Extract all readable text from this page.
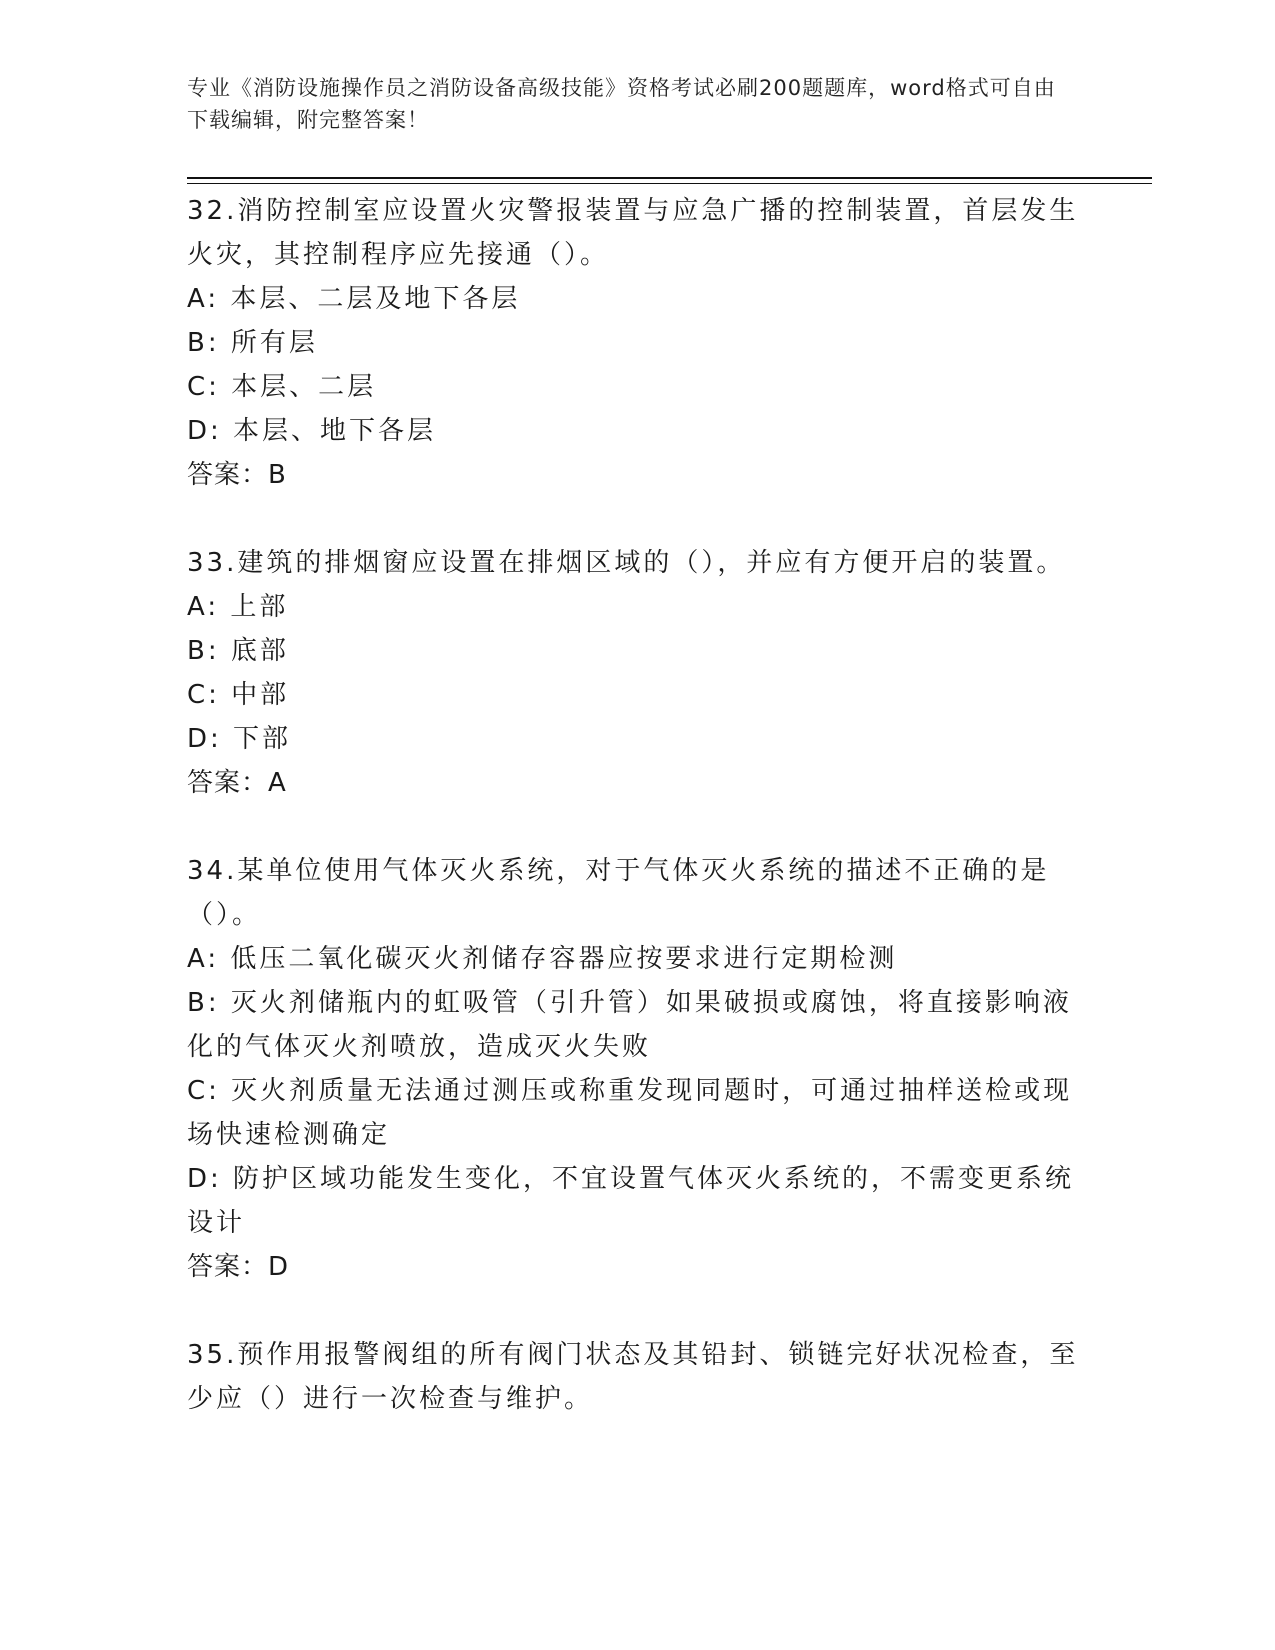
专业《消防设施操作员之消防设备高级技能》资格考试必刷200题题库，word格式可自由下载编辑，附完整答案！
32.消防控制室应设置火灾警报装置与应急广播的控制装置，首层发生火灾，其控制程序应先接通（）。
A: 本层、二层及地下各层
B: 所有层
C: 本层、二层
D: 本层、地下各层
答案：B
33.建筑的排烟窗应设置在排烟区域的（），并应有方便开启的装置。
A: 上部
B: 底部
C: 中部
D: 下部
答案：A
34.某单位使用气体灭火系统，对于气体灭火系统的描述不正确的是（）。
A: 低压二氧化碳灭火剂储存容器应按要求进行定期检测
B: 灭火剂储瓶内的虹吸管（引升管）如果破损或腐蚀，将直接影响液化的气体灭火剂喷放，造成灭火失败
C: 灭火剂质量无法通过测压或称重发现同题时，可通过抽样送检或现场快速检测确定
D: 防护区域功能发生变化，不宜设置气体灭火系统的，不需变更系统设计
答案：D
35.预作用报警阀组的所有阀门状态及其铅封、锁链完好状况检查，至少应（）进行一次检查与维护。
